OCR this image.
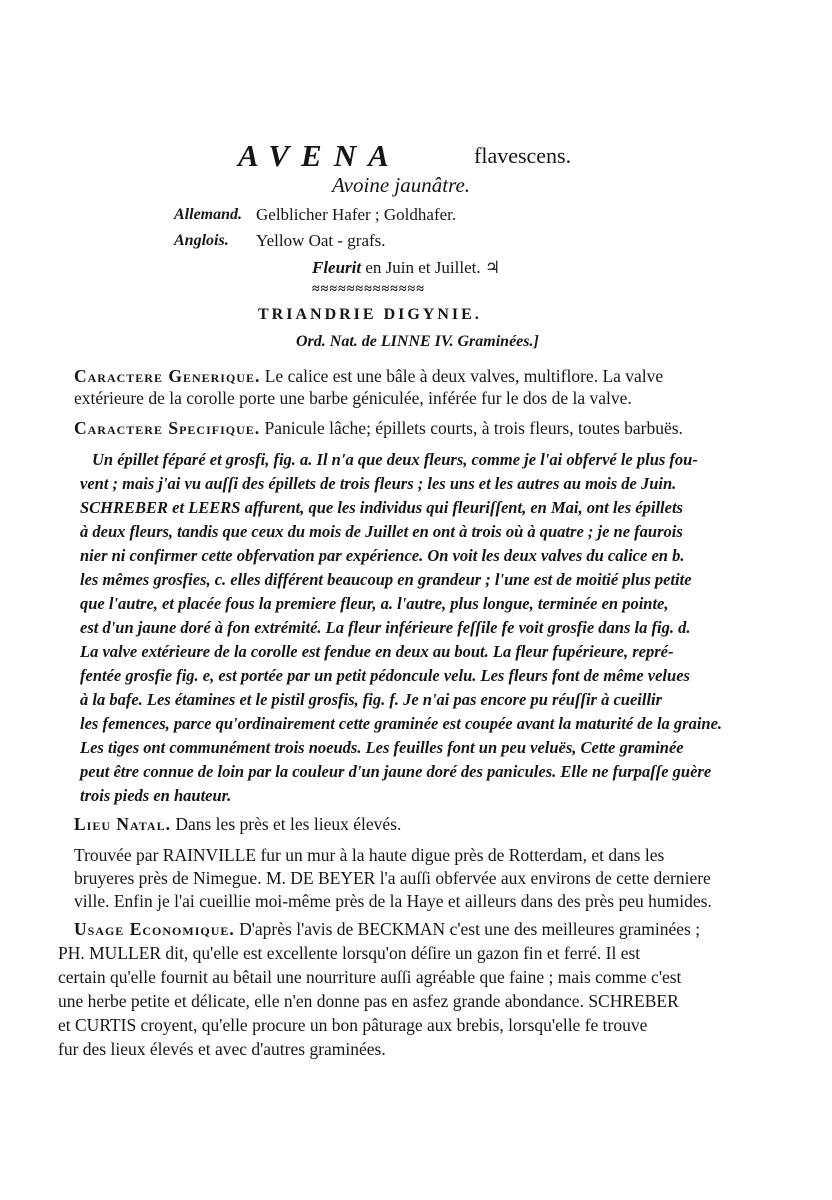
AVENA	flavescens.
Avoine jaunâtre.
Allemand. Gelblicher Hafer ; Goldhafer.
Anglois. Yellow Oat - grafs.
Fleurit en Juin et Juillet. ♃
≈≈≈≈≈≈≈≈≈≈≈≈≈
TRIANDRIE DIGYNIE.
Ord. Nat. de LINNE IV. Graminées.]
Caractere Generique. Le calice est une bâle à deux valves, multiflore. La valve
extérieure de la corolle porte une barbe géniculée, inférée fur le dos de la valve.
Caractere Specifique. Panicule lâche; épillets courts, à trois fleurs, toutes barbuës.
Un épillet féparé et grosfi, fig. a. Il n'a que deux fleurs, comme je l'ai obfervé le plus fou-
vent ; mais j'ai vu auſſi des épillets de trois fleurs ; les uns et les autres au mois de Juin.
SCHREBER et LEERS affurent, que les individus qui fleuriſſent, en Mai, ont les épillets
à deux fleurs, tandis que ceux du mois de Juillet en ont à trois où à quatre ; je ne faurois
nier ni confirmer cette obfervation par expérience. On voit les deux valves du calice en b.
les mêmes grosfies, c. elles différent beaucoup en grandeur ; l'une est de moitié plus petite
que l'autre, et placée fous la premiere fleur, a. l'autre, plus longue, terminée en pointe,
est d'un jaune doré à fon extrémité. La fleur inférieure feſſile fe voit grosfie dans la fig. d.
La valve extérieure de la corolle est fendue en deux au bout. La fleur fupérieure, repré-
fentée grosfie fig. e, est portée par un petit pédoncule velu. Les fleurs font de même velues
à la bafe. Les étamines et le pistil grosfis, fig. f. Je n'ai pas encore pu réuſſir à cueillir
les femences, parce qu'ordinairement cette graminée est coupée avant la maturité de la graine.
Les tiges ont communément trois noeuds. Les feuilles font un peu veluës, Cette graminée
peut être connue de loin par la couleur d'un jaune doré des panicules. Elle ne furpaſſe guère
trois pieds en hauteur.
Lieu Natal. Dans les près et les lieux élevés.
Trouvée par RAINVILLE fur un mur à la haute digue près de Rotterdam, et dans les
bruyeres près de Nimegue. M. DE BEYER l'a auſſi obfervée aux environs de cette derniere
ville. Enfin je l'ai cueillie moi-même près de la Haye et ailleurs dans des près peu humides.
Usage Economique. D'après l'avis de BECKMAN c'est une des meilleures graminées ;
PH. MULLER dit, qu'elle est excellente lorsqu'on déſire un gazon fin et ferré. Il est
certain qu'elle fournit au bêtail une nourriture auſſi agréable que faine ; mais comme c'est
une herbe petite et délicate, elle n'en donne pas en asfez grande abondance. SCHREBER
et CURTIS croyent, qu'elle procure un bon pâturage aux brebis, lorsqu'elle fe trouve
fur des lieux élevés et avec d'autres graminées.
